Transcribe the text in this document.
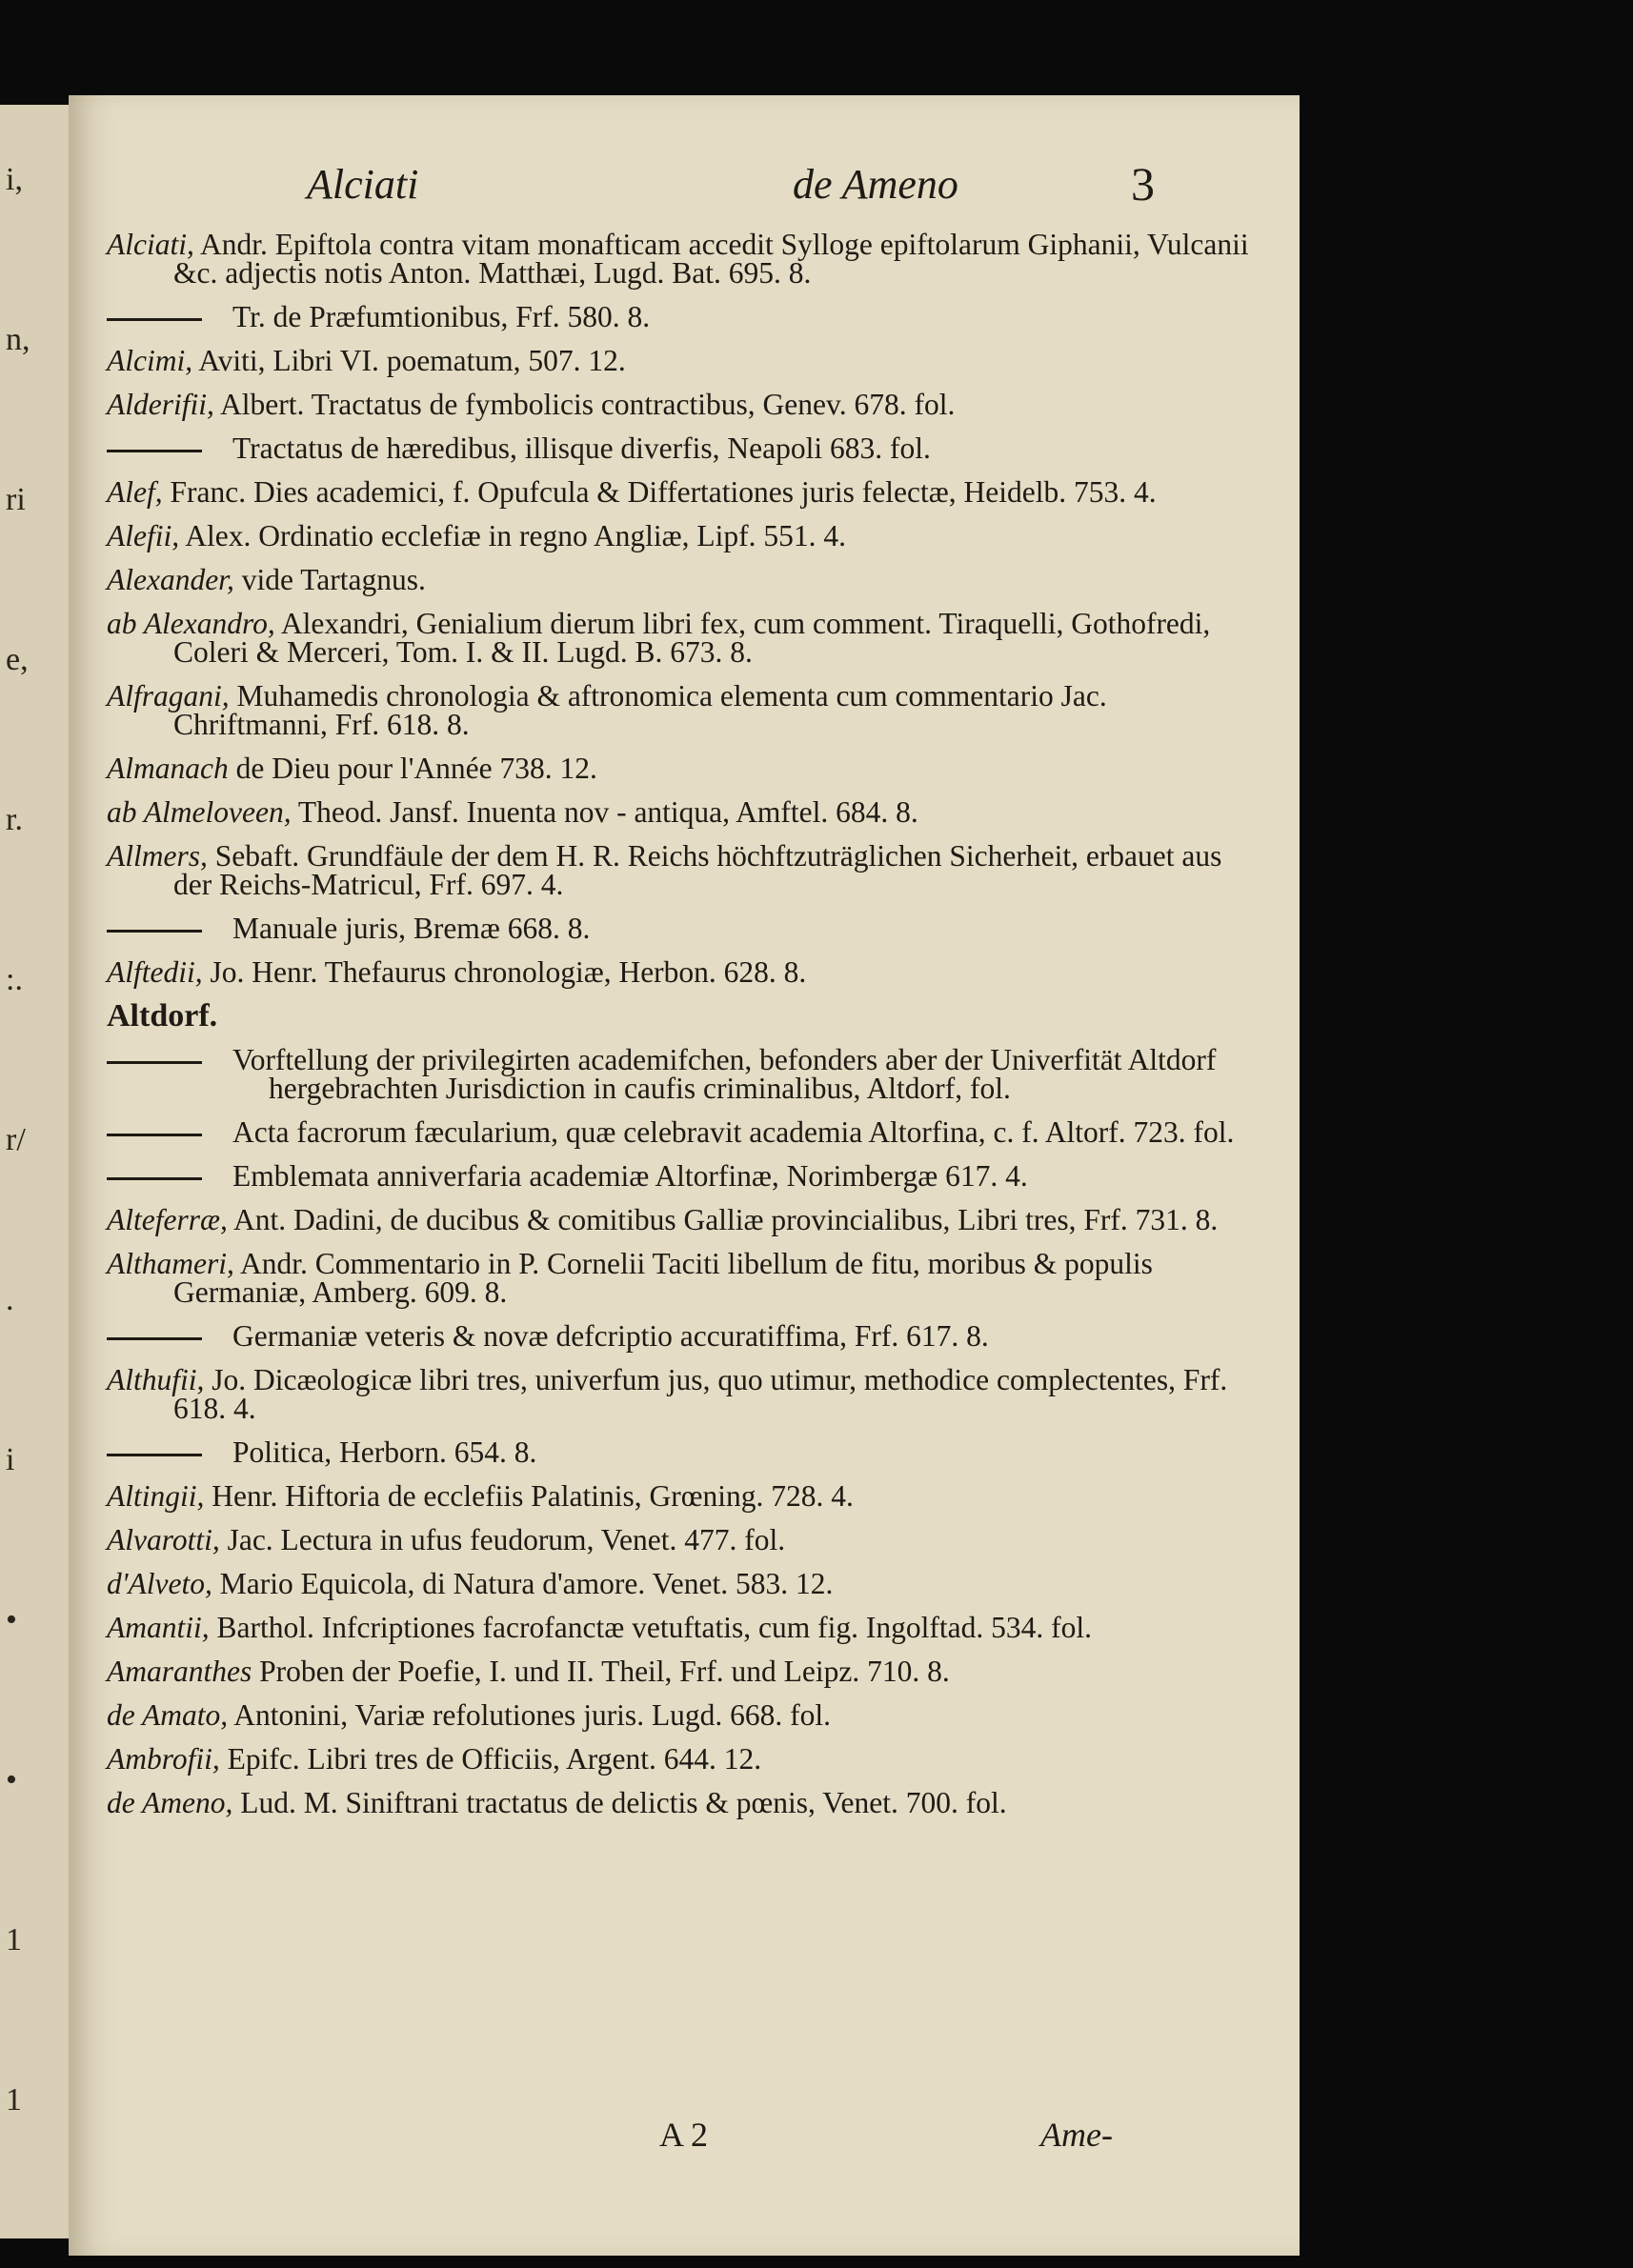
i,
n,
ri
e,
r.
:.
r/
.
i
•
•
1
1
Alciati	de Ameno	3
Alciati, Andr. Epiftola contra vitam monafticam accedit Sylloge epiftolarum Giphanii, Vulcanii &c. adjectis notis Anton. Matthæi, Lugd. Bat. 695. 8.
Tr. de Præfumtionibus, Frf. 580. 8.
Alcimi, Aviti, Libri VI. poematum, 507. 12.
Alderifii, Albert. Tractatus de fymbolicis contractibus, Genev. 678. fol.
Tractatus de hæredibus, illisque diverfis, Neapoli 683. fol.
Alef, Franc. Dies academici, f. Opufcula & Differtationes juris felectæ, Heidelb. 753. 4.
Alefii, Alex. Ordinatio ecclefiæ in regno Angliæ, Lipf. 551. 4.
Alexander, vide Tartagnus.
ab Alexandro, Alexandri, Genialium dierum libri fex, cum comment. Tiraquelli, Gothofredi, Coleri & Merceri, Tom. I. & II. Lugd. B. 673. 8.
Alfragani, Muhamedis chronologia & aftronomica elementa cum commentario Jac. Chriftmanni, Frf. 618. 8.
Almanach de Dieu pour l'Année 738. 12.
ab Almeloveen, Theod. Jansf. Inuenta nov - antiqua, Amftel. 684. 8.
Allmers, Sebaft. Grundfäule der dem H. R. Reichs höchftzuträglichen Sicherheit, erbauet aus der Reichs-Matricul, Frf. 697. 4.
Manuale juris, Bremæ 668. 8.
Alftedii, Jo. Henr. Thefaurus chronologiæ, Herbon. 628. 8.
Altdorf.
Vorftellung der privilegirten academifchen, befonders aber der Univerfität Altdorf hergebrachten Jurisdiction in caufis criminalibus, Altdorf, fol.
Acta facrorum fæcularium, quæ celebravit academia Altorfina, c. f. Altorf. 723. fol.
Emblemata anniverfaria academiæ Altorfinæ, Norimbergæ 617. 4.
Alteferræ, Ant. Dadini, de ducibus & comitibus Galliæ provincialibus, Libri tres, Frf. 731. 8.
Althameri, Andr. Commentario in P. Cornelii Taciti libellum de fitu, moribus & populis Germaniæ, Amberg. 609. 8.
Germaniæ veteris & novæ defcriptio accuratiffima, Frf. 617. 8.
Althufii, Jo. Dicæologicæ libri tres, univerfum jus, quo utimur, methodice complectentes, Frf. 618. 4.
Politica, Herborn. 654. 8.
Altingii, Henr. Hiftoria de ecclefiis Palatinis, Grœning. 728. 4.
Alvarotti, Jac. Lectura in ufus feudorum, Venet. 477. fol.
d'Alveto, Mario Equicola, di Natura d'amore. Venet. 583. 12.
Amantii, Barthol. Infcriptiones facrofanctæ vetuftatis, cum fig. Ingolftad. 534. fol.
Amaranthes Proben der Poefie, I. und II. Theil, Frf. und Leipz. 710. 8.
de Amato, Antonini, Variæ refolutiones juris. Lugd. 668. fol.
Ambrofii, Epifc. Libri tres de Officiis, Argent. 644. 12.
de Ameno, Lud. M. Siniftrani tractatus de delictis & pœnis, Venet. 700. fol.
A 2	Ame-
